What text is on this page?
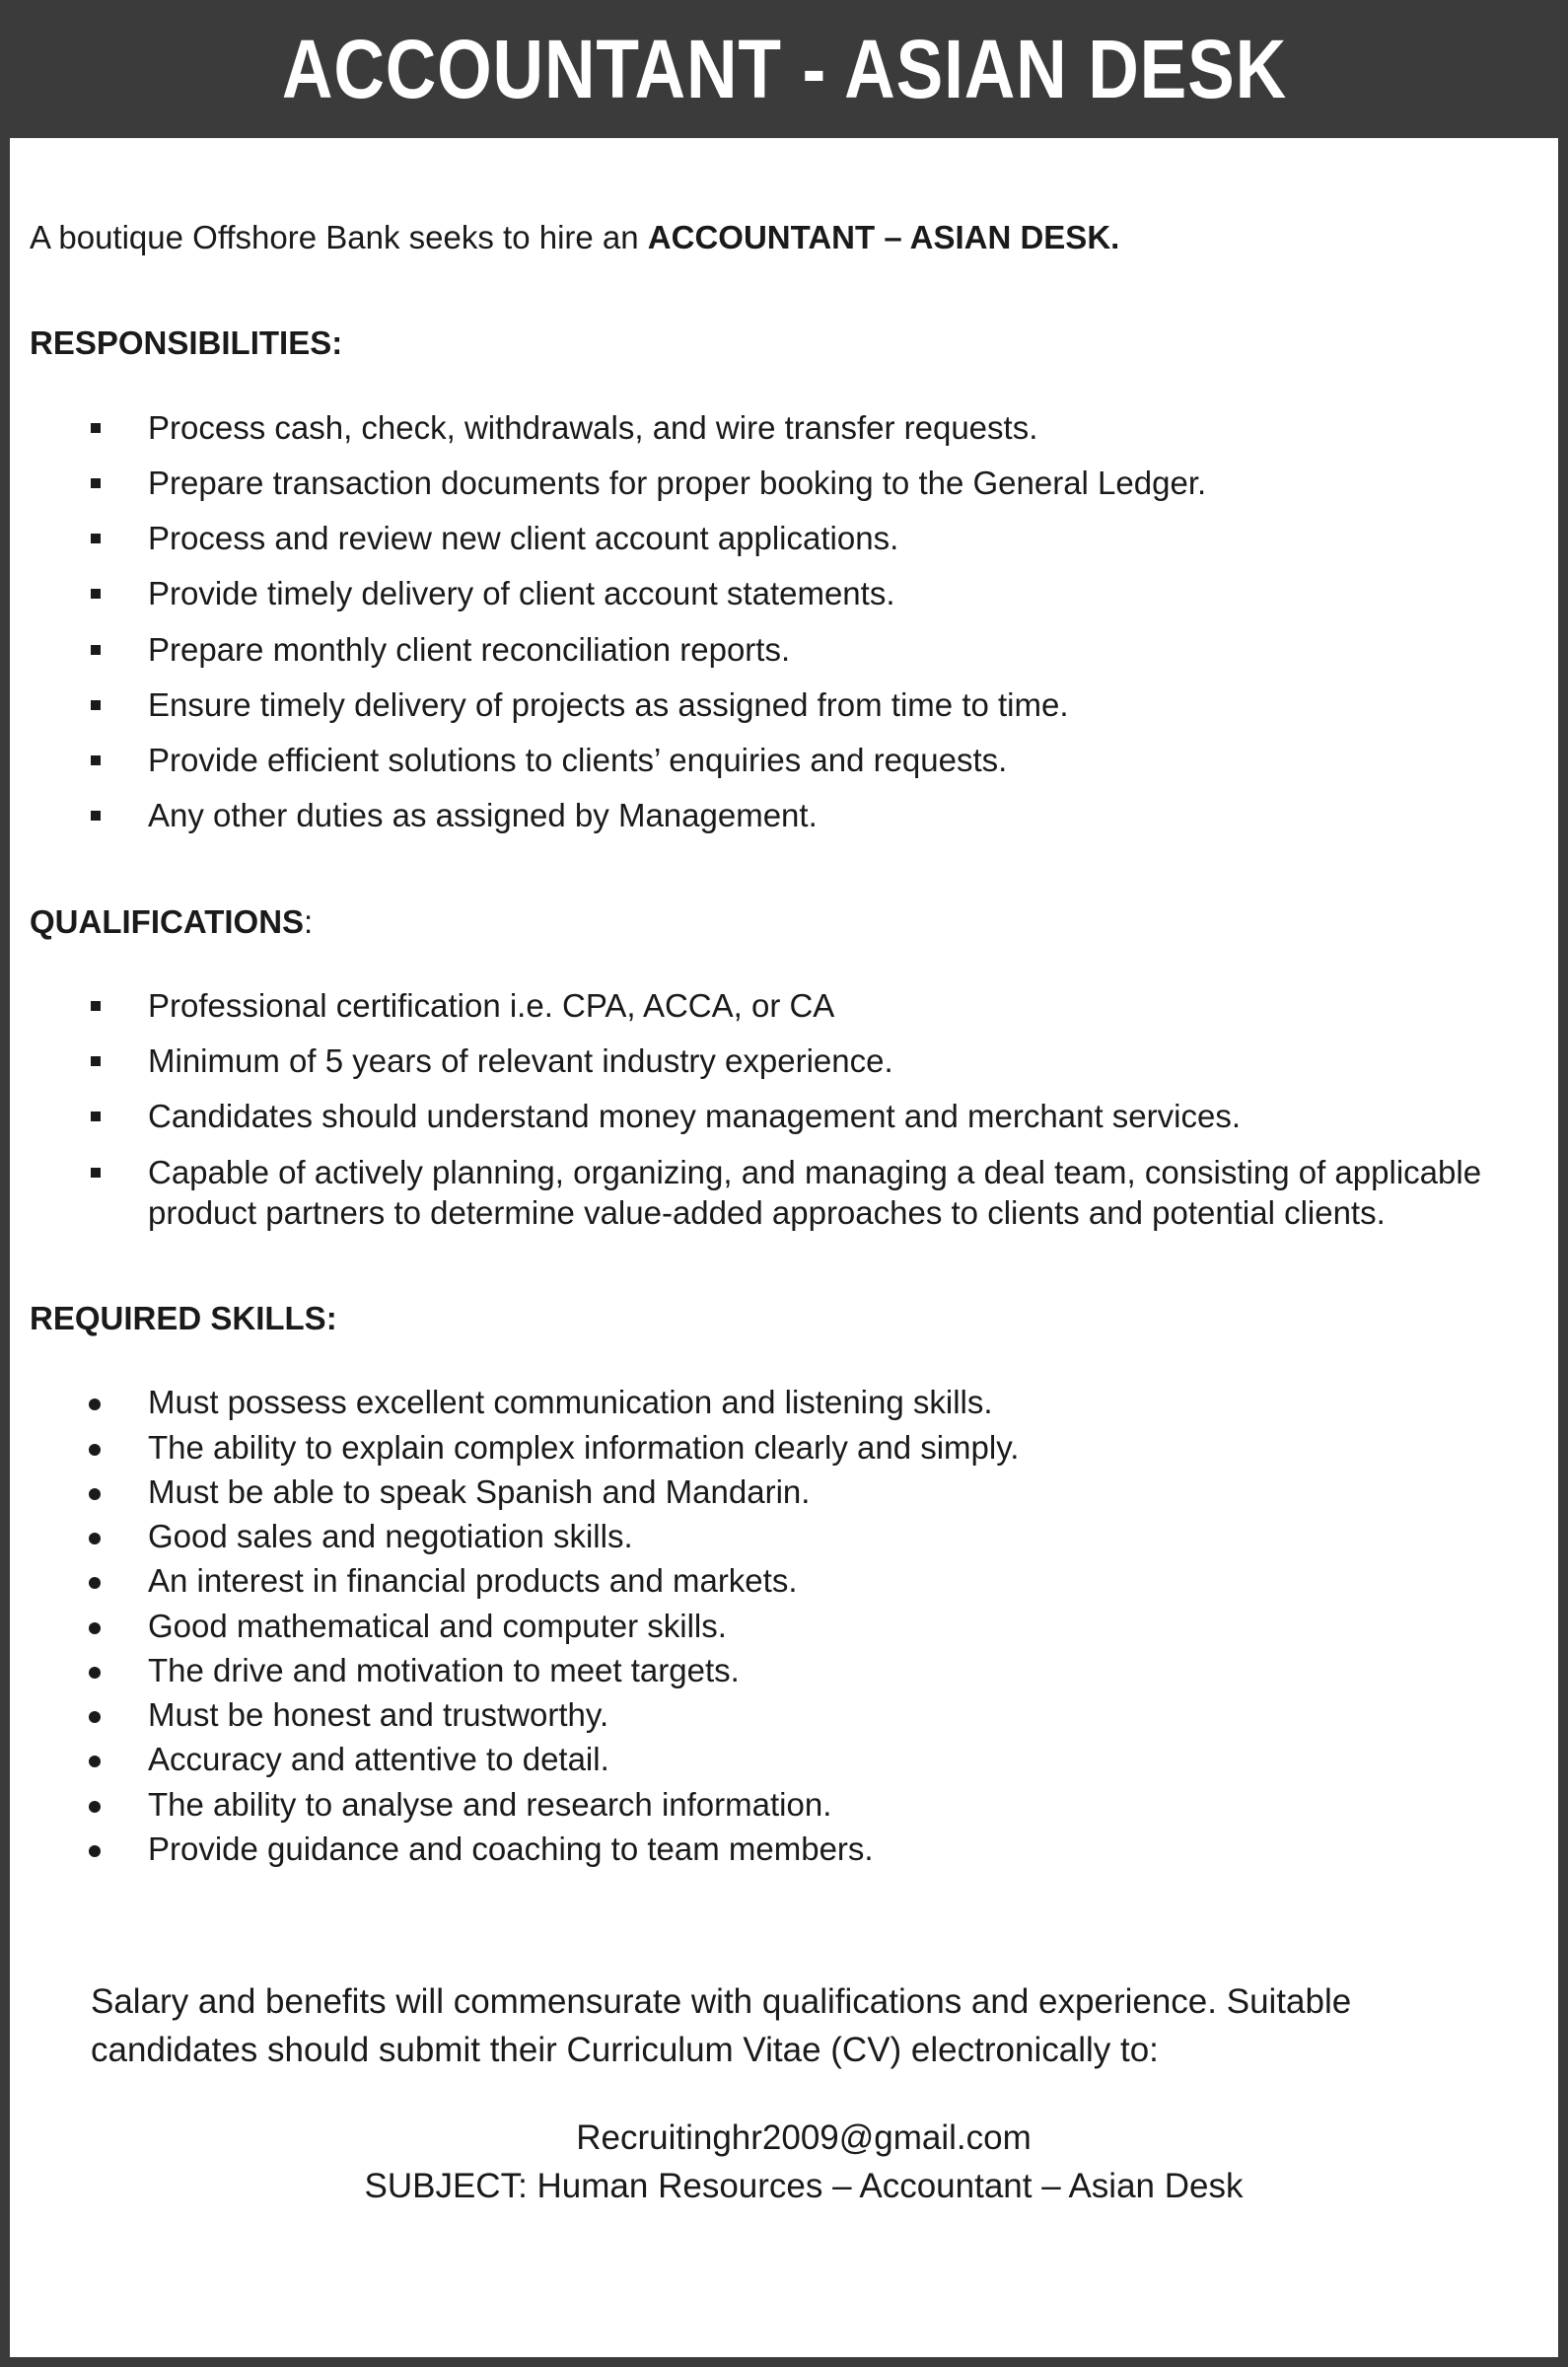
ACCOUNTANT - ASIAN DESK
A boutique Offshore Bank seeks to hire an ACCOUNTANT – ASIAN DESK.
RESPONSIBILITIES:
Process cash, check, withdrawals, and wire transfer requests.
Prepare transaction documents for proper booking to the General Ledger.
Process and review new client account applications.
Provide timely delivery of client account statements.
Prepare monthly client reconciliation reports.
Ensure timely delivery of projects as assigned from time to time.
Provide efficient solutions to clients’ enquiries and requests.
Any other duties as assigned by Management.
QUALIFICATIONS:
Professional certification i.e. CPA, ACCA, or CA
Minimum of 5 years of relevant industry experience.
Candidates should understand money management and merchant services.
Capable of actively planning, organizing, and managing a deal team, consisting of applicable product partners to determine value-added approaches to clients and potential clients.
REQUIRED SKILLS:
Must possess excellent communication and listening skills.
The ability to explain complex information clearly and simply.
Must be able to speak Spanish and Mandarin.
Good sales and negotiation skills.
An interest in financial products and markets.
Good mathematical and computer skills.
The drive and motivation to meet targets.
Must be honest and trustworthy.
Accuracy and attentive to detail.
The ability to analyse and research information.
Provide guidance and coaching to team members.
Salary and benefits will commensurate with qualifications and experience. Suitable candidates should submit their Curriculum Vitae (CV) electronically to:
Recruitinghr2009@gmail.com
SUBJECT: Human Resources – Accountant – Asian Desk
